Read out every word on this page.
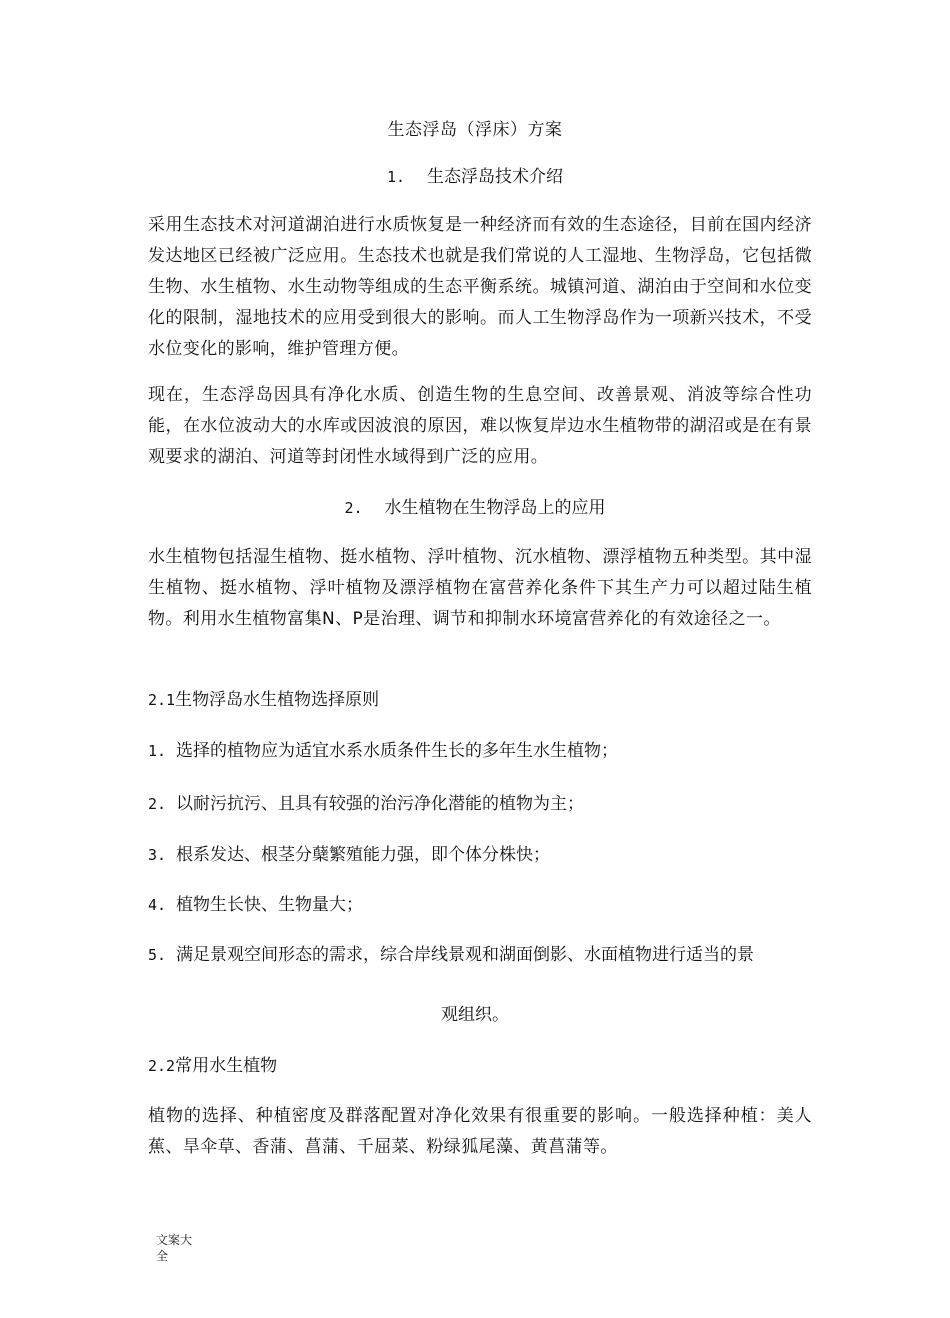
生态浮岛（浮床）方案
1. 生态浮岛技术介绍
采用生态技术对河道湖泊进行水质恢复是一种经济而有效的生态途径，目前在国内经济发达地区已经被广泛应用。生态技术也就是我们常说的人工湿地、生物浮岛，它包括微生物、水生植物、水生动物等组成的生态平衡系统。城镇河道、湖泊由于空间和水位变化的限制，湿地技术的应用受到很大的影响。而人工生物浮岛作为一项新兴技术，不受水位变化的影响，维护管理方便。
现在，生态浮岛因具有净化水质、创造生物的生息空间、改善景观、消波等综合性功能，在水位波动大的水库或因波浪的原因，难以恢复岸边水生植物带的湖沼或是在有景观要求的湖泊、河道等封闭性水域得到广泛的应用。
2. 水生植物在生物浮岛上的应用
水生植物包括湿生植物、挺水植物、浮叶植物、沉水植物、漂浮植物五种类型。其中湿生植物、挺水植物、浮叶植物及漂浮植物在富营养化条件下其生产力可以超过陆生植物。利用水生植物富集N、P是治理、调节和抑制水环境富营养化的有效途径之一。
2.1生物浮岛水生植物选择原则
1. 选择的植物应为适宜水系水质条件生长的多年生水生植物；
2. 以耐污抗污、且具有较强的治污净化潜能的植物为主；
3. 根系发达、根茎分蘖繁殖能力强，即个体分株快；
4. 植物生长快、生物量大；
5. 满足景观空间形态的需求，综合岸线景观和湖面倒影、水面植物进行适当的景
观组织。
2.2常用水生植物
植物的选择、种植密度及群落配置对净化效果有很重要的影响。一般选择种植：美人蕉、旱伞草、香蒲、菖蒲、千屈菜、粉绿狐尾藻、黄菖蒲等。
文案大全
